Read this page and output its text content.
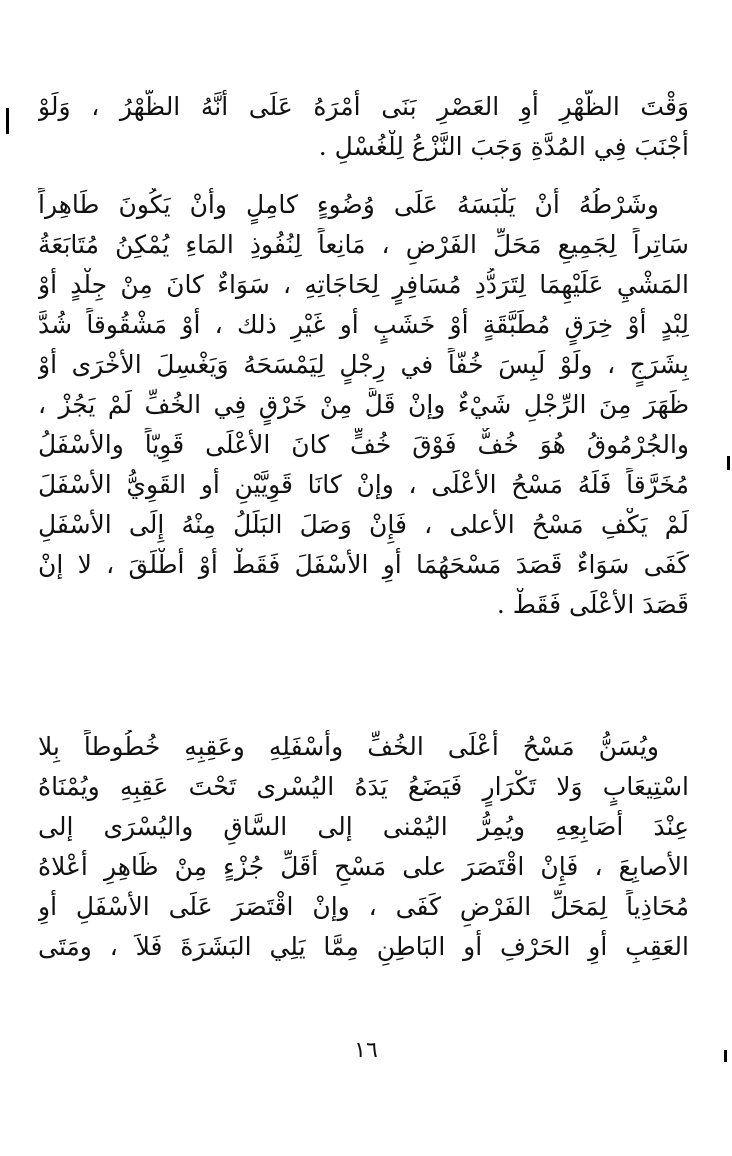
وَقْتَ الظُّهْرِ أَوِ العَصْرِ بَنَى أَمْرَهُ عَلَى أَنَّهُ الظُّهْرُ ، وَلَوْ
أَجْنَبَ فِي المُدَّةِ وَجَبَ النَّزْعُ لِلْغُسْلِ .
وشَرْطُهُ أَنْ يَلْبَسَهُ عَلَى وُضُوءٍ كامِلٍ وأَنْ يَكُونَ طَاهِراً
سَاتِراً لِجَمِيعِ مَحَلِّ الفَرْضِ ، مَانِعاً لِنُفُوذِ المَاءِ يُمْكِنُ مُتَابَعَةُ
المَشْيِ عَلَيْهِمَا لِتَرَدُّدِ مُسَافِرٍ لِحَاجَاتِهِ ، سَوَاءٌ كانَ مِنْ جِلْدٍ أَوْ
لِبْدٍ أَوْ خِرَقٍ مُطَبَّقَةٍ أَوْ خَشَبٍ أَو غَيْرِ ذلك ، أَوْ مَشْقُوقاً شُدَّ
بِشَرَجٍ ، ولَوْ لَبِسَ خُفّاً في رِجْلٍ لِيَمْسَحَهُ وَيَغْسِلَ الأُخْرَى أَوْ
ظَهَرَ مِنَ الرِّجْلِ شَيْءٌ وإنْ قَلَّ مِنْ خَرْقٍ فِي الخُفِّ لَمْ يَجُزْ ،
والجُرْمُوقُ هُوَ خُفٌّ فَوْقَ خُفٍّ كانَ الأَعْلَى قَوِيّاً والأَسْفَلُ
مُخَرَّقاً فَلَهُ مَسْحُ الأَعْلَى ، وإنْ كانَا قَوِيَّيْنِ أَو القَوِيُّ الأَسْفَلَ
لَمْ يَكْفِ مَسْحُ الأعلى ، فَإِنْ وَصَلَ البَلَلُ مِنْهُ إِلَى الأَسْفَلِ
كَفَى سَوَاءٌ قَصَدَ مَسْحَهُمَا أَوِ الأَسْفَلَ فَقَطْ أَوْ أَطْلَقَ ، لا إنْ
قَصَدَ الأَعْلَى فَقَطْ .
ويُسَنُّ مَسْحُ أَعْلَى الخُفِّ وأَسْفَلِهِ وعَقِبِهِ خُطُوطاً بِلا
اسْتِيعَابٍ وَلا تَكْرَارٍ فَيَضَعُ يَدَهُ اليُسْرى تَحْتَ عَقِبِهِ ويُمْنَاهُ
عِنْدَ أَصَابِعِهِ ويُمِرُّ اليُمْنى إلى السَّاقِ واليُسْرَى إلى
الأصابِعَ ، فَإِنْ اقْتَصَرَ على مَسْحِ أَقَلِّ جُزْءٍ مِنْ ظَاهِرِ أَعْلاهُ
مُحَاذِياً لِمَحَلِّ الفَرْضِ كَفَى ، وإنْ اقْتَصَرَ عَلَى الأَسْفَلِ أَوِ
العَقِبِ أَوِ الحَرْفِ أَو البَاطِنِ مِمَّا يَلِي البَشَرَةَ فَلاَ ، ومَتَى
١٦
